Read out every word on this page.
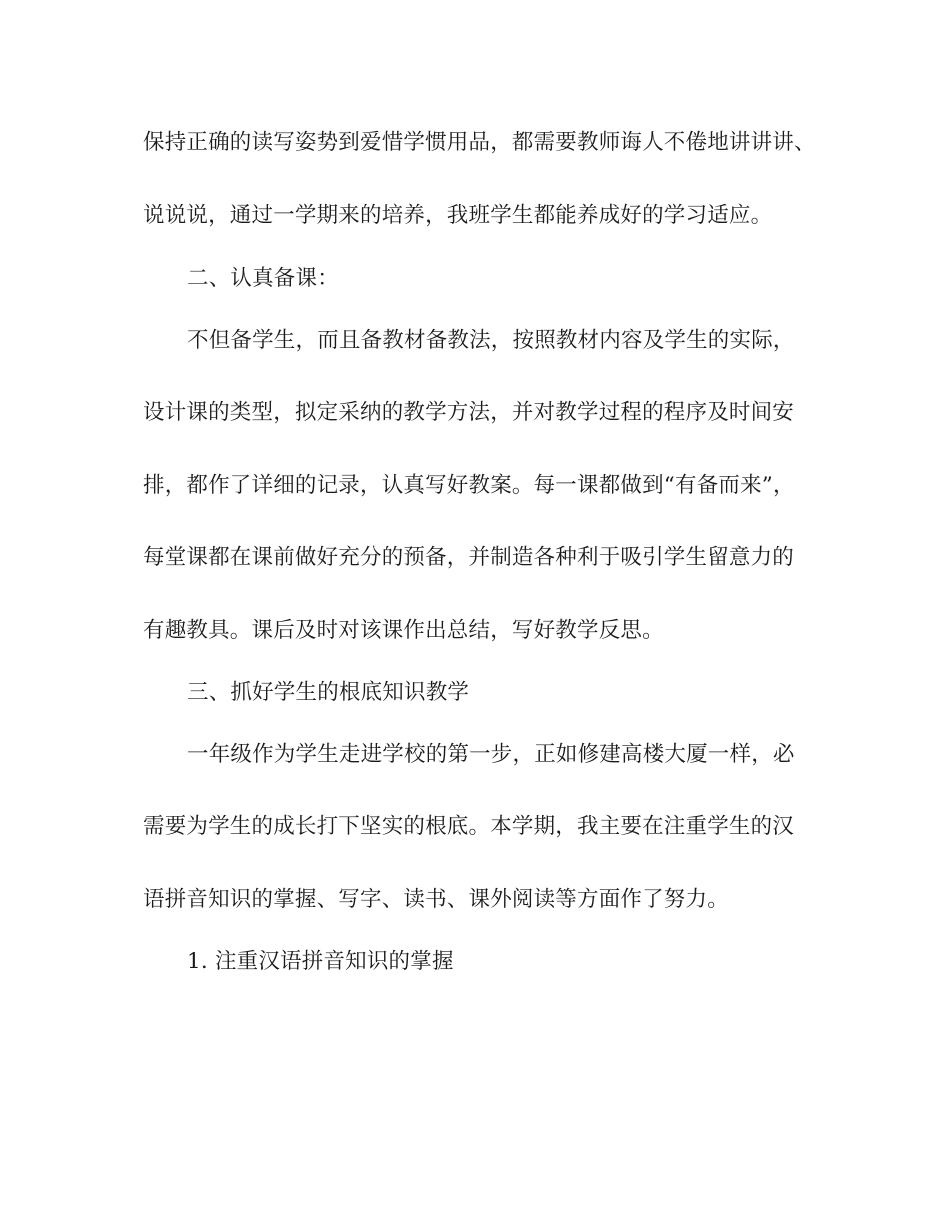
保持正确的读写姿势到爱惜学惯用品，都需要教师诲人不倦地讲讲讲、
说说说，通过一学期来的培养，我班学生都能养成好的学习适应。
二、认真备课：
不但备学生，而且备教材备教法，按照教材内容及学生的实际，
设计课的类型，拟定采纳的教学方法，并对教学过程的程序及时间安
排，都作了详细的记录，认真写好教案。每一课都做到“有备而来”，
每堂课都在课前做好充分的预备，并制造各种利于吸引学生留意力的
有趣教具。课后及时对该课作出总结，写好教学反思。
三、抓好学生的根底知识教学
一年级作为学生走进学校的第一步，正如修建高楼大厦一样，必
需要为学生的成长打下坚实的根底。本学期，我主要在注重学生的汉
语拼音知识的掌握、写字、读书、课外阅读等方面作了努力。
1. 注重汉语拼音知识的掌握
